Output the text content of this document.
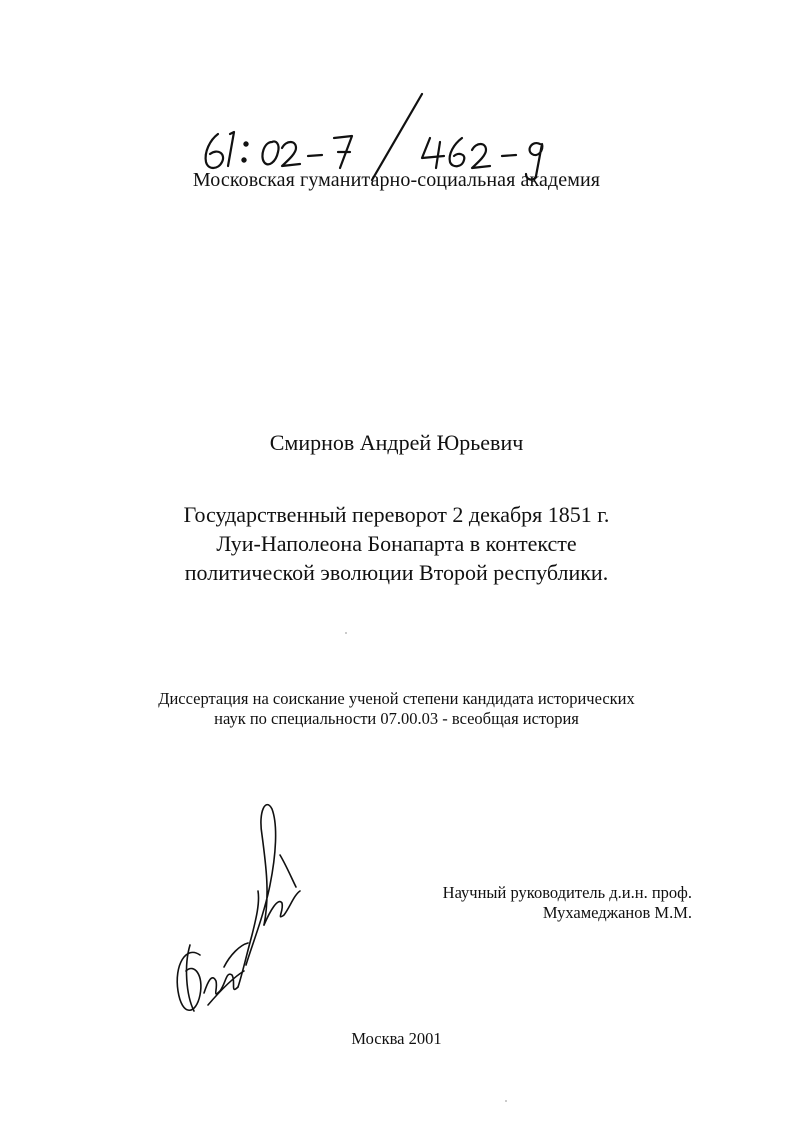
Московская гуманитарно-социальная академия
Смирнов Андрей Юрьевич
Государственный переворот 2 декабря 1851 г.
Луи-Наполеона Бонапарта в контексте
политической эволюции Второй республики.
Диссертация на соискание ученой степени кандидата исторических
наук по специальности 07.00.03 - всеобщая история
Научный руководитель д.и.н. проф.
Мухамеджанов М.М.
Москва 2001
